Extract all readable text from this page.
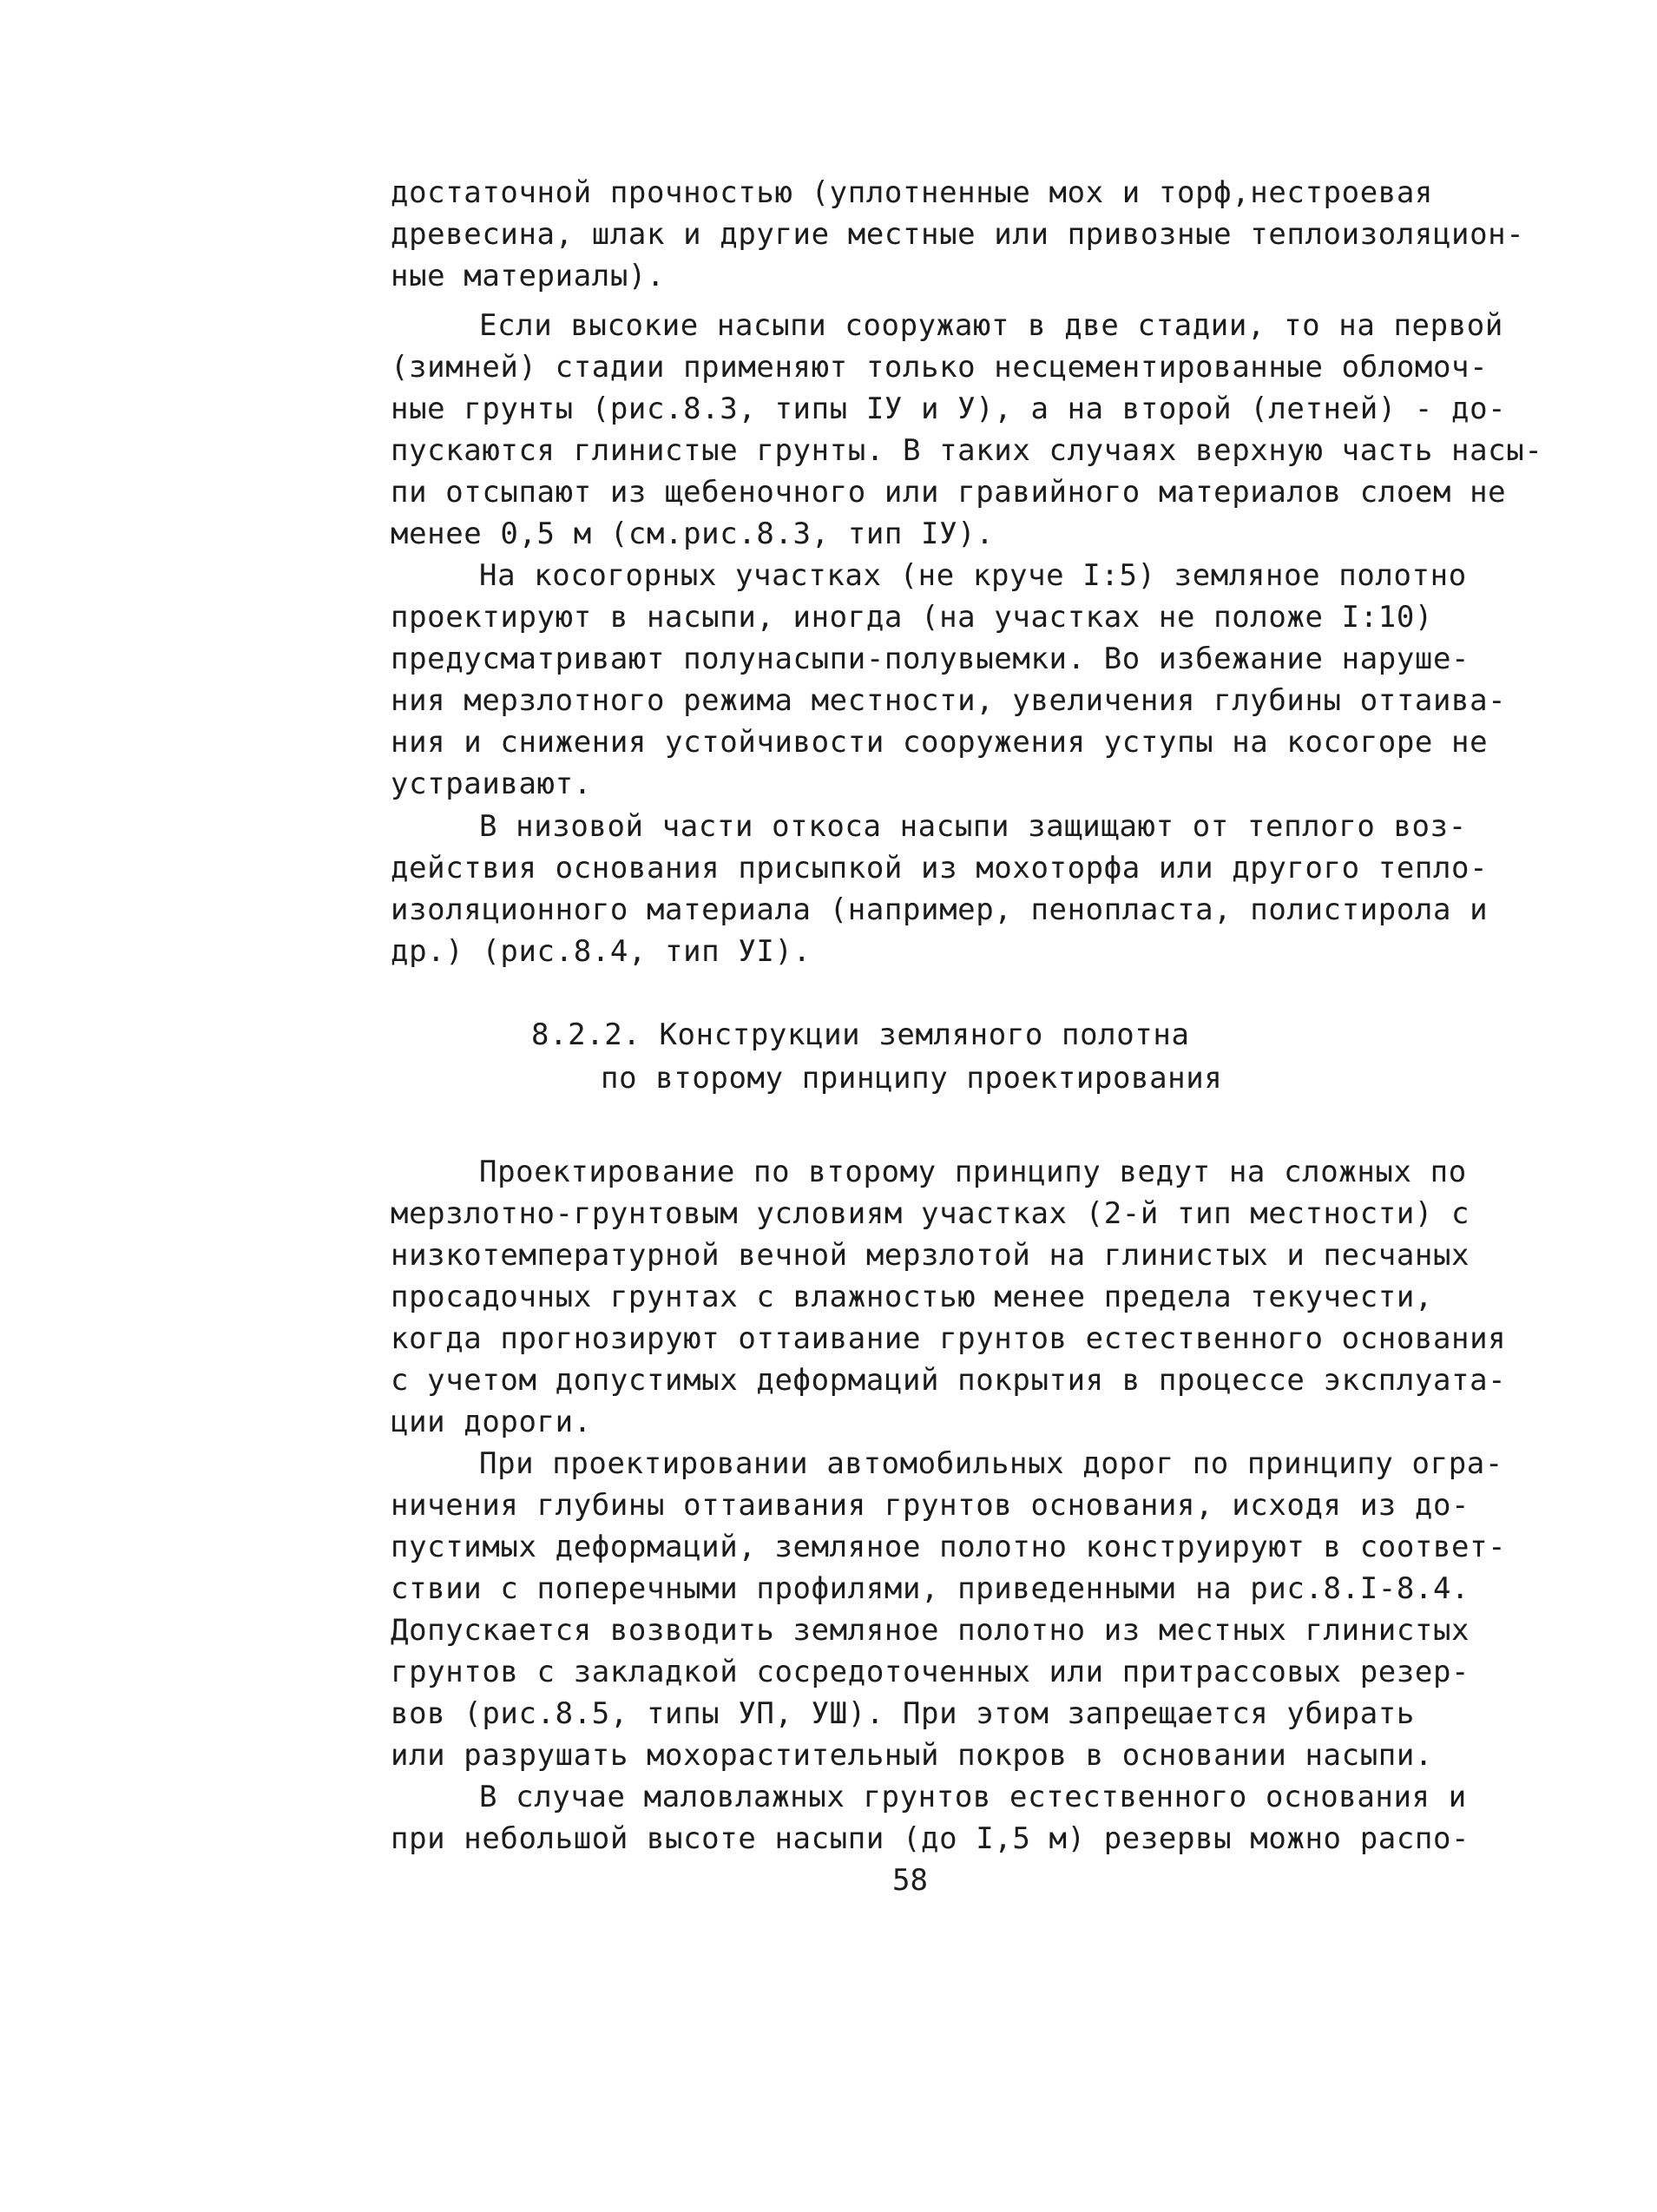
достаточной прочностью (уплотненные мох и торф,нестроевая
древесина, шлак и другие местные или привозные теплоизоляцион-
ные материалы).
Если высокие насыпи сооружают в две стадии, то на первой
(зимней) стадии применяют только несцементированные обломоч-
ные грунты (рис.8.3, типы IУ и У), а на второй (летней) - до-
пускаются глинистые грунты. В таких случаях верхную часть насы-
пи отсыпают из щебеночного или гравийного материалов слоем не
менее 0,5 м (см.рис.8.3, тип IУ).
На косогорных участках (не круче I:5) земляное полотно
проектируют в насыпи, иногда (на участках не положе I:10)
предусматривают полунасыпи-полувыемки. Во избежание наруше-
ния мерзлотного режима местности, увеличения глубины оттаива-
ния и снижения устойчивости сооружения уступы на косогоре не
устраивают.
В низовой части откоса насыпи защищают от теплого воз-
действия основания присыпкой из мохоторфа или другого тепло-
изоляционного материала (например, пенопласта, полистирола и
др.) (рис.8.4, тип УI).
8.2.2. Конструкции земляного полотна
по второму принципу проектирования
Проектирование по второму принципу ведут на сложных по
мерзлотно-грунтовым условиям участках (2-й тип местности) с
низкотемпературной вечной мерзлотой на глинистых и песчаных
просадочных грунтах с влажностью менее предела текучести,
когда прогнозируют оттаивание грунтов естественного основания
с учетом допустимых деформаций покрытия в процессе эксплуата-
ции дороги.
При проектировании автомобильных дорог по принципу огра-
ничения глубины оттаивания грунтов основания, исходя из до-
пустимых деформаций, земляное полотно конструируют в соответ-
ствии с поперечными профилями, приведенными на рис.8.I-8.4.
Допускается возводить земляное полотно из местных глинистых
грунтов с закладкой сосредоточенных или притрассовых резер-
вов (рис.8.5, типы УП, УШ). При этом запрещается убирать
или разрушать мохорастительный покров в основании насыпи.
В случае маловлажных грунтов естественного основания и
при небольшой высоте насыпи (до I,5 м) резервы можно распо-
58
